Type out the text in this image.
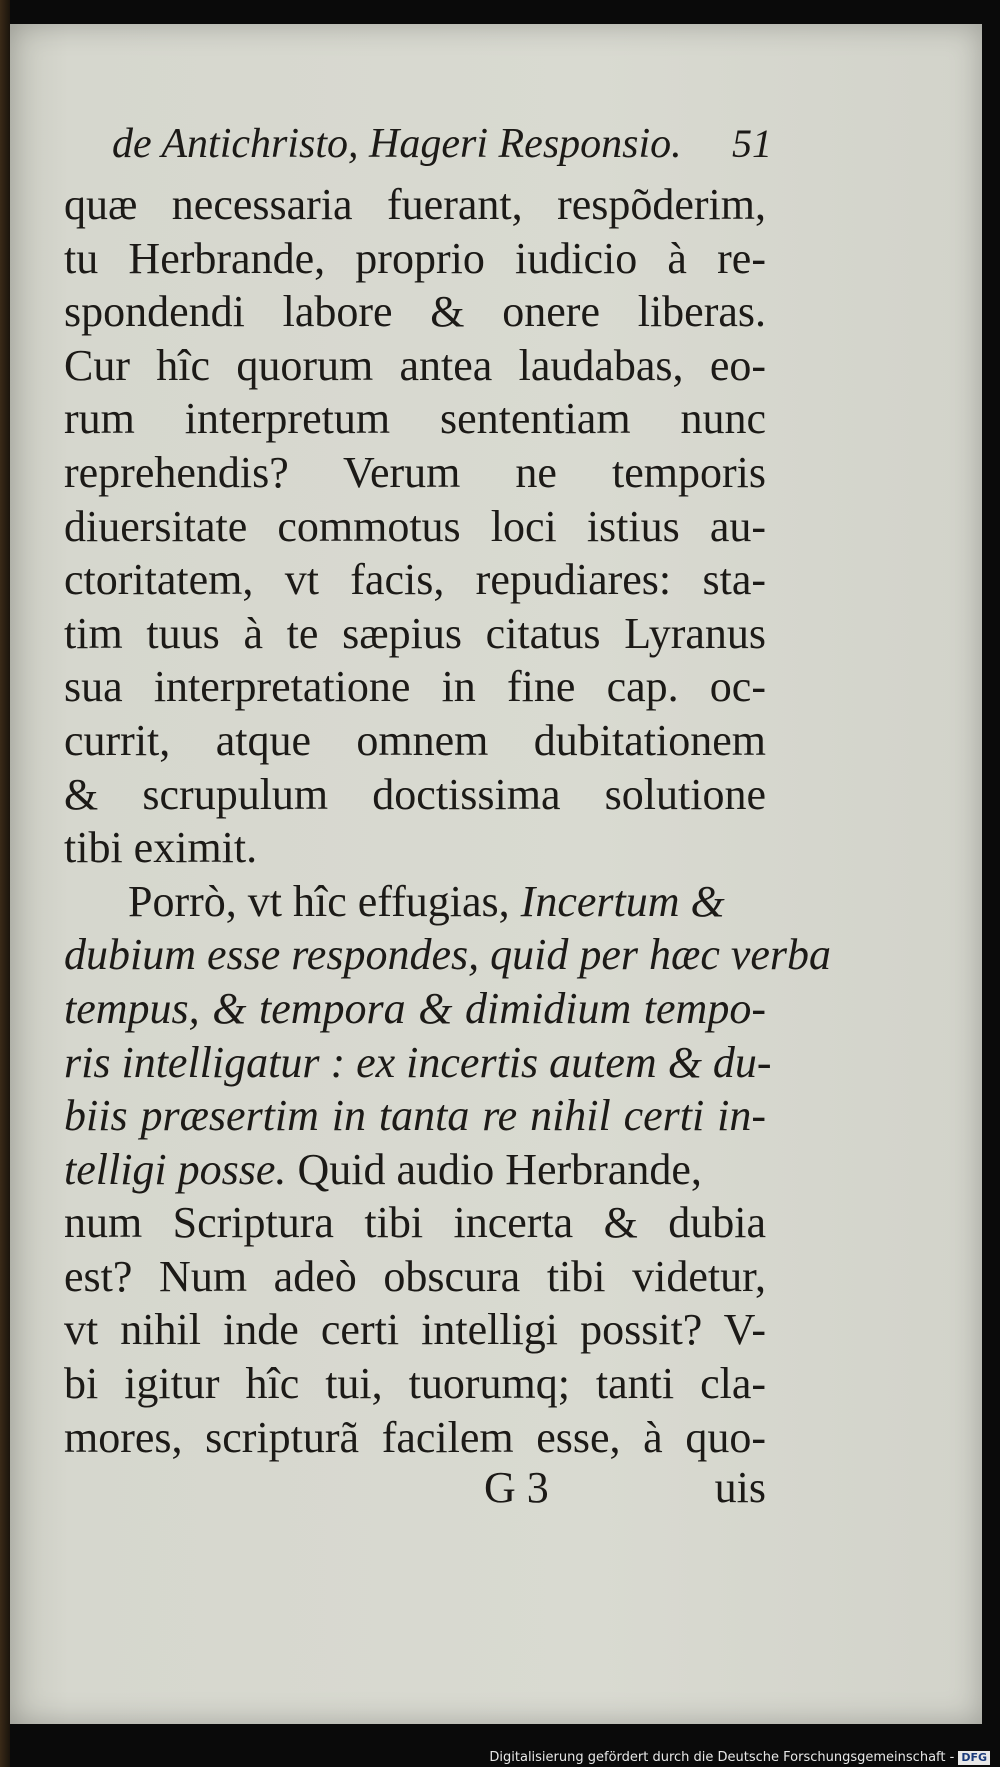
de Antichristo, Hageri Responsio. 51
quæ necessaria fuerant, respõderim,
tu Herbrande, proprio iudicio à re-
spondendi labore & onere liberas.
Cur hîc quorum antea laudabas, eo-
rum interpretum sententiam nunc
reprehendis? Verum ne temporis
diuersitate commotus loci istius au-
ctoritatem, vt facis, repudiares: sta-
tim tuus à te sæpius citatus Lyranus
sua interpretatione in fine cap. oc-
currit, atque omnem dubitationem
& scrupulum doctissima solutione
tibi eximit.
Porrò, vt hîc effugias, Incertum &
dubium esse respondes, quid per hæc verba
tempus, & tempora & dimidium tempo-
ris intelligatur : ex incertis autem & du-
biis præsertim in tanta re nihil certi in-
telligi posse. Quid audio Herbrande,
num Scriptura tibi incerta & dubia
est? Num adeò obscura tibi videtur,
vt nihil inde certi intelligi possit? V-
bi igitur hîc tui, tuorumq; tanti cla-
mores, scripturã facilem esse, à quo-
G 3	uis
Digitalisierung gefördert durch die Deutsche Forschungsgemeinschaft - DFG
